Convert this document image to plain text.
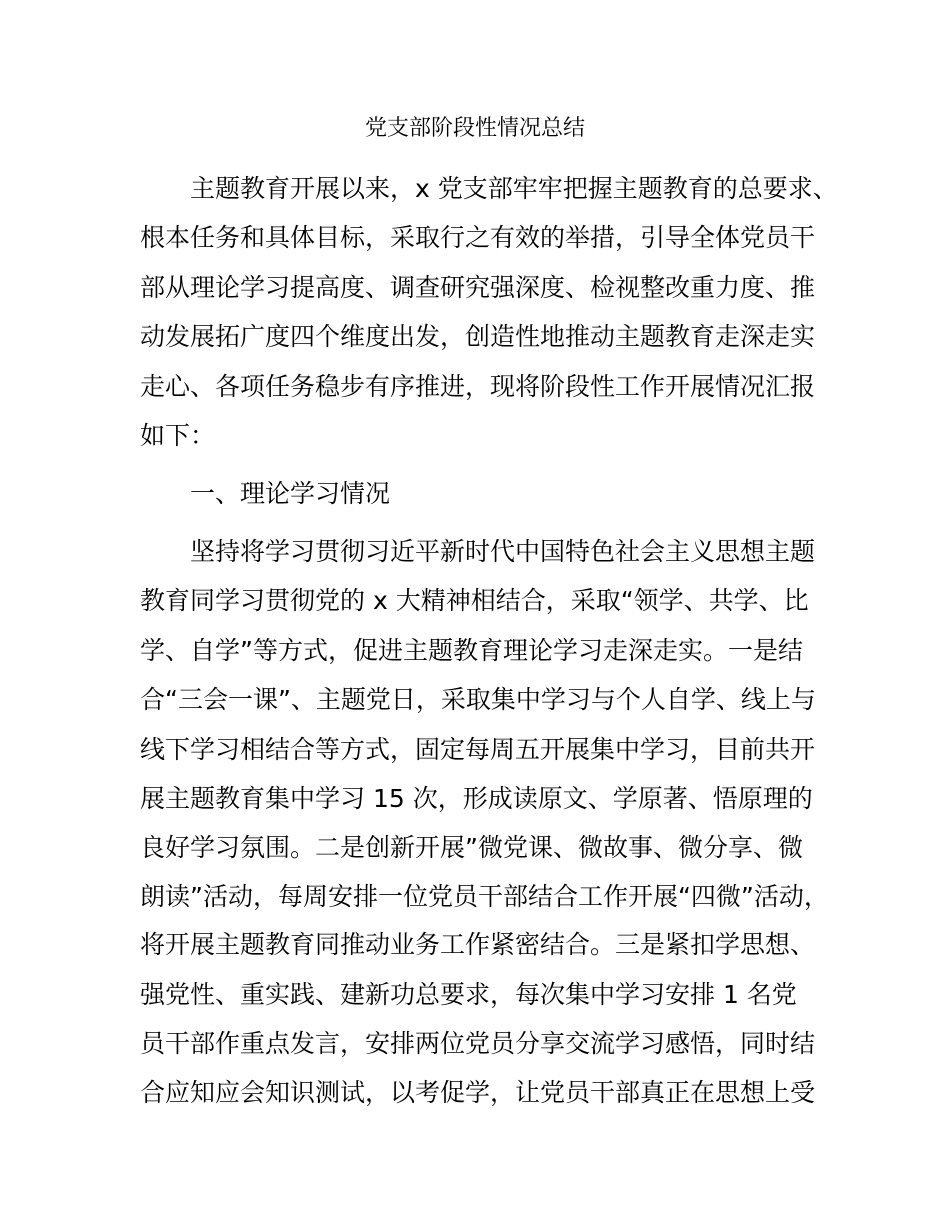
党支部阶段性情况总结
主题教育开展以来，x 党支部牢牢把握主题教育的总要求、
根本任务和具体目标，采取行之有效的举措，引导全体党员干
部从理论学习提高度、调查研究强深度、检视整改重力度、推
动发展拓广度四个维度出发，创造性地推动主题教育走深走实
走心、各项任务稳步有序推进，现将阶段性工作开展情况汇报
如下：
一、理论学习情况
坚持将学习贯彻习近平新时代中国特色社会主义思想主题
教育同学习贯彻党的 x 大精神相结合，采取“领学、共学、比
学、自学”等方式，促进主题教育理论学习走深走实。一是结
合“三会一课”、主题党日，采取集中学习与个人自学、线上与
线下学习相结合等方式，固定每周五开展集中学习，目前共开
展主题教育集中学习 15 次，形成读原文、学原著、悟原理的
良好学习氛围。二是创新开展”微党课、微故事、微分享、微
朗读”活动，每周安排一位党员干部结合工作开展“四微”活动，
将开展主题教育同推动业务工作紧密结合。三是紧扣学思想、
强党性、重实践、建新功总要求，每次集中学习安排 1 名党
员干部作重点发言，安排两位党员分享交流学习感悟，同时结
合应知应会知识测试，以考促学，让党员干部真正在思想上受
